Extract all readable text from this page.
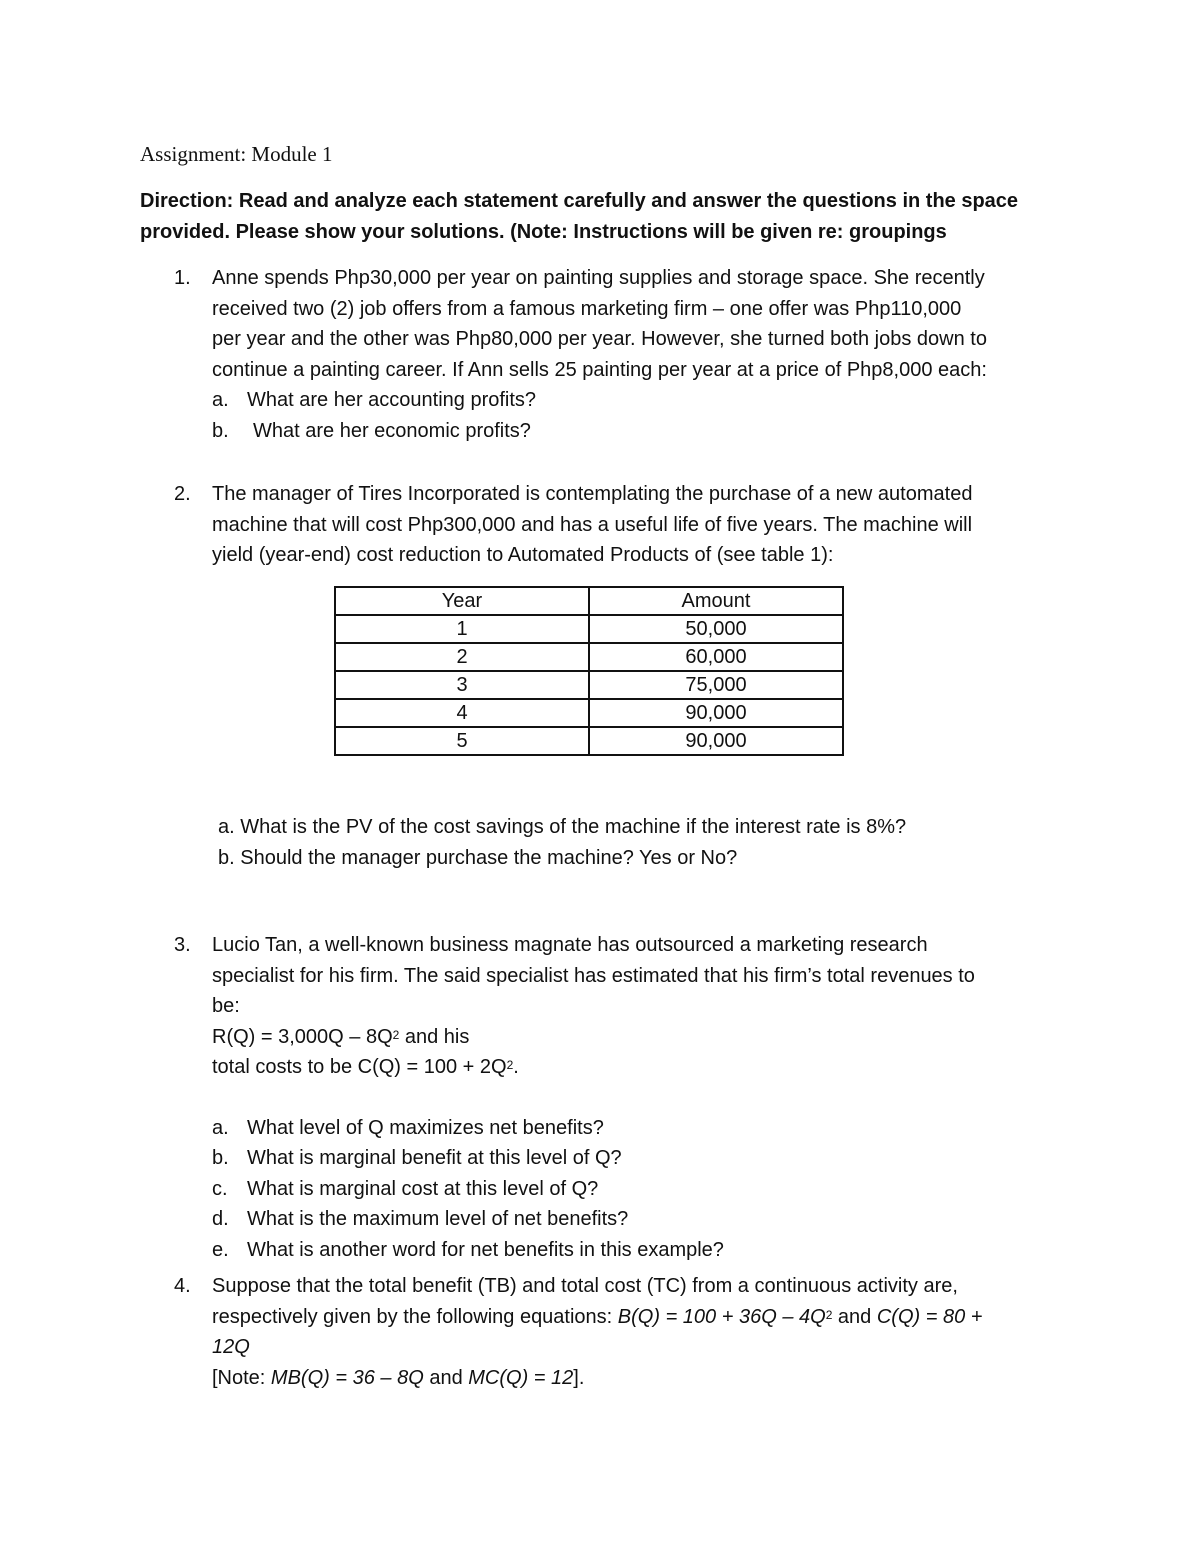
Assignment: Module 1
Direction: Read and analyze each statement carefully and answer the questions in the space provided. Please show your solutions. (Note: Instructions will be given re: groupings
1. Anne spends Php30,000 per year on painting supplies and storage space. She recently
received two (2) job offers from a famous marketing firm – one offer was Php110,000
per year and the other was Php80,000 per year. However, she turned both jobs down to
continue a painting career. If Ann sells 25 painting per year at a price of Php8,000 each:
a. What are her accounting profits?
b.	What are her economic profits?
2. The manager of Tires Incorporated is contemplating the purchase of a new automated
machine that will cost Php300,000 and has a useful life of five years. The machine will
yield (year-end) cost reduction to Automated Products of (see table 1):
Year	Amount
1	50,000
2	60,000
3	75,000
4	90,000
5	90,000
a. What is the PV of the cost savings of the machine if the interest rate is 8%?
b. Should the manager purchase the machine? Yes or No?
3. Lucio Tan, a well-known business magnate has outsourced a marketing research
specialist for his firm. The said specialist has estimated that his firm’s total revenues to
be:
$R(Q) = 3,000Q - 8Q^2$ and his
total costs to be $C(Q) = 100 + 2Q^2$.
a. What level of Q maximizes net benefits?
b. What is marginal benefit at this level of Q?
c. What is marginal cost at this level of Q?
d. What is the maximum level of net benefits?
e. What is another word for net benefits in this example?
4. Suppose that the total benefit (TB) and total cost (TC) from a continuous activity are,
respectively given by the following equations: $B(Q) = 100 + 36Q - 4Q^2$ and C(Q) = 80 +
12Q
[Note: MB(Q) = 36 – 8Q and MC(Q) = 12].
